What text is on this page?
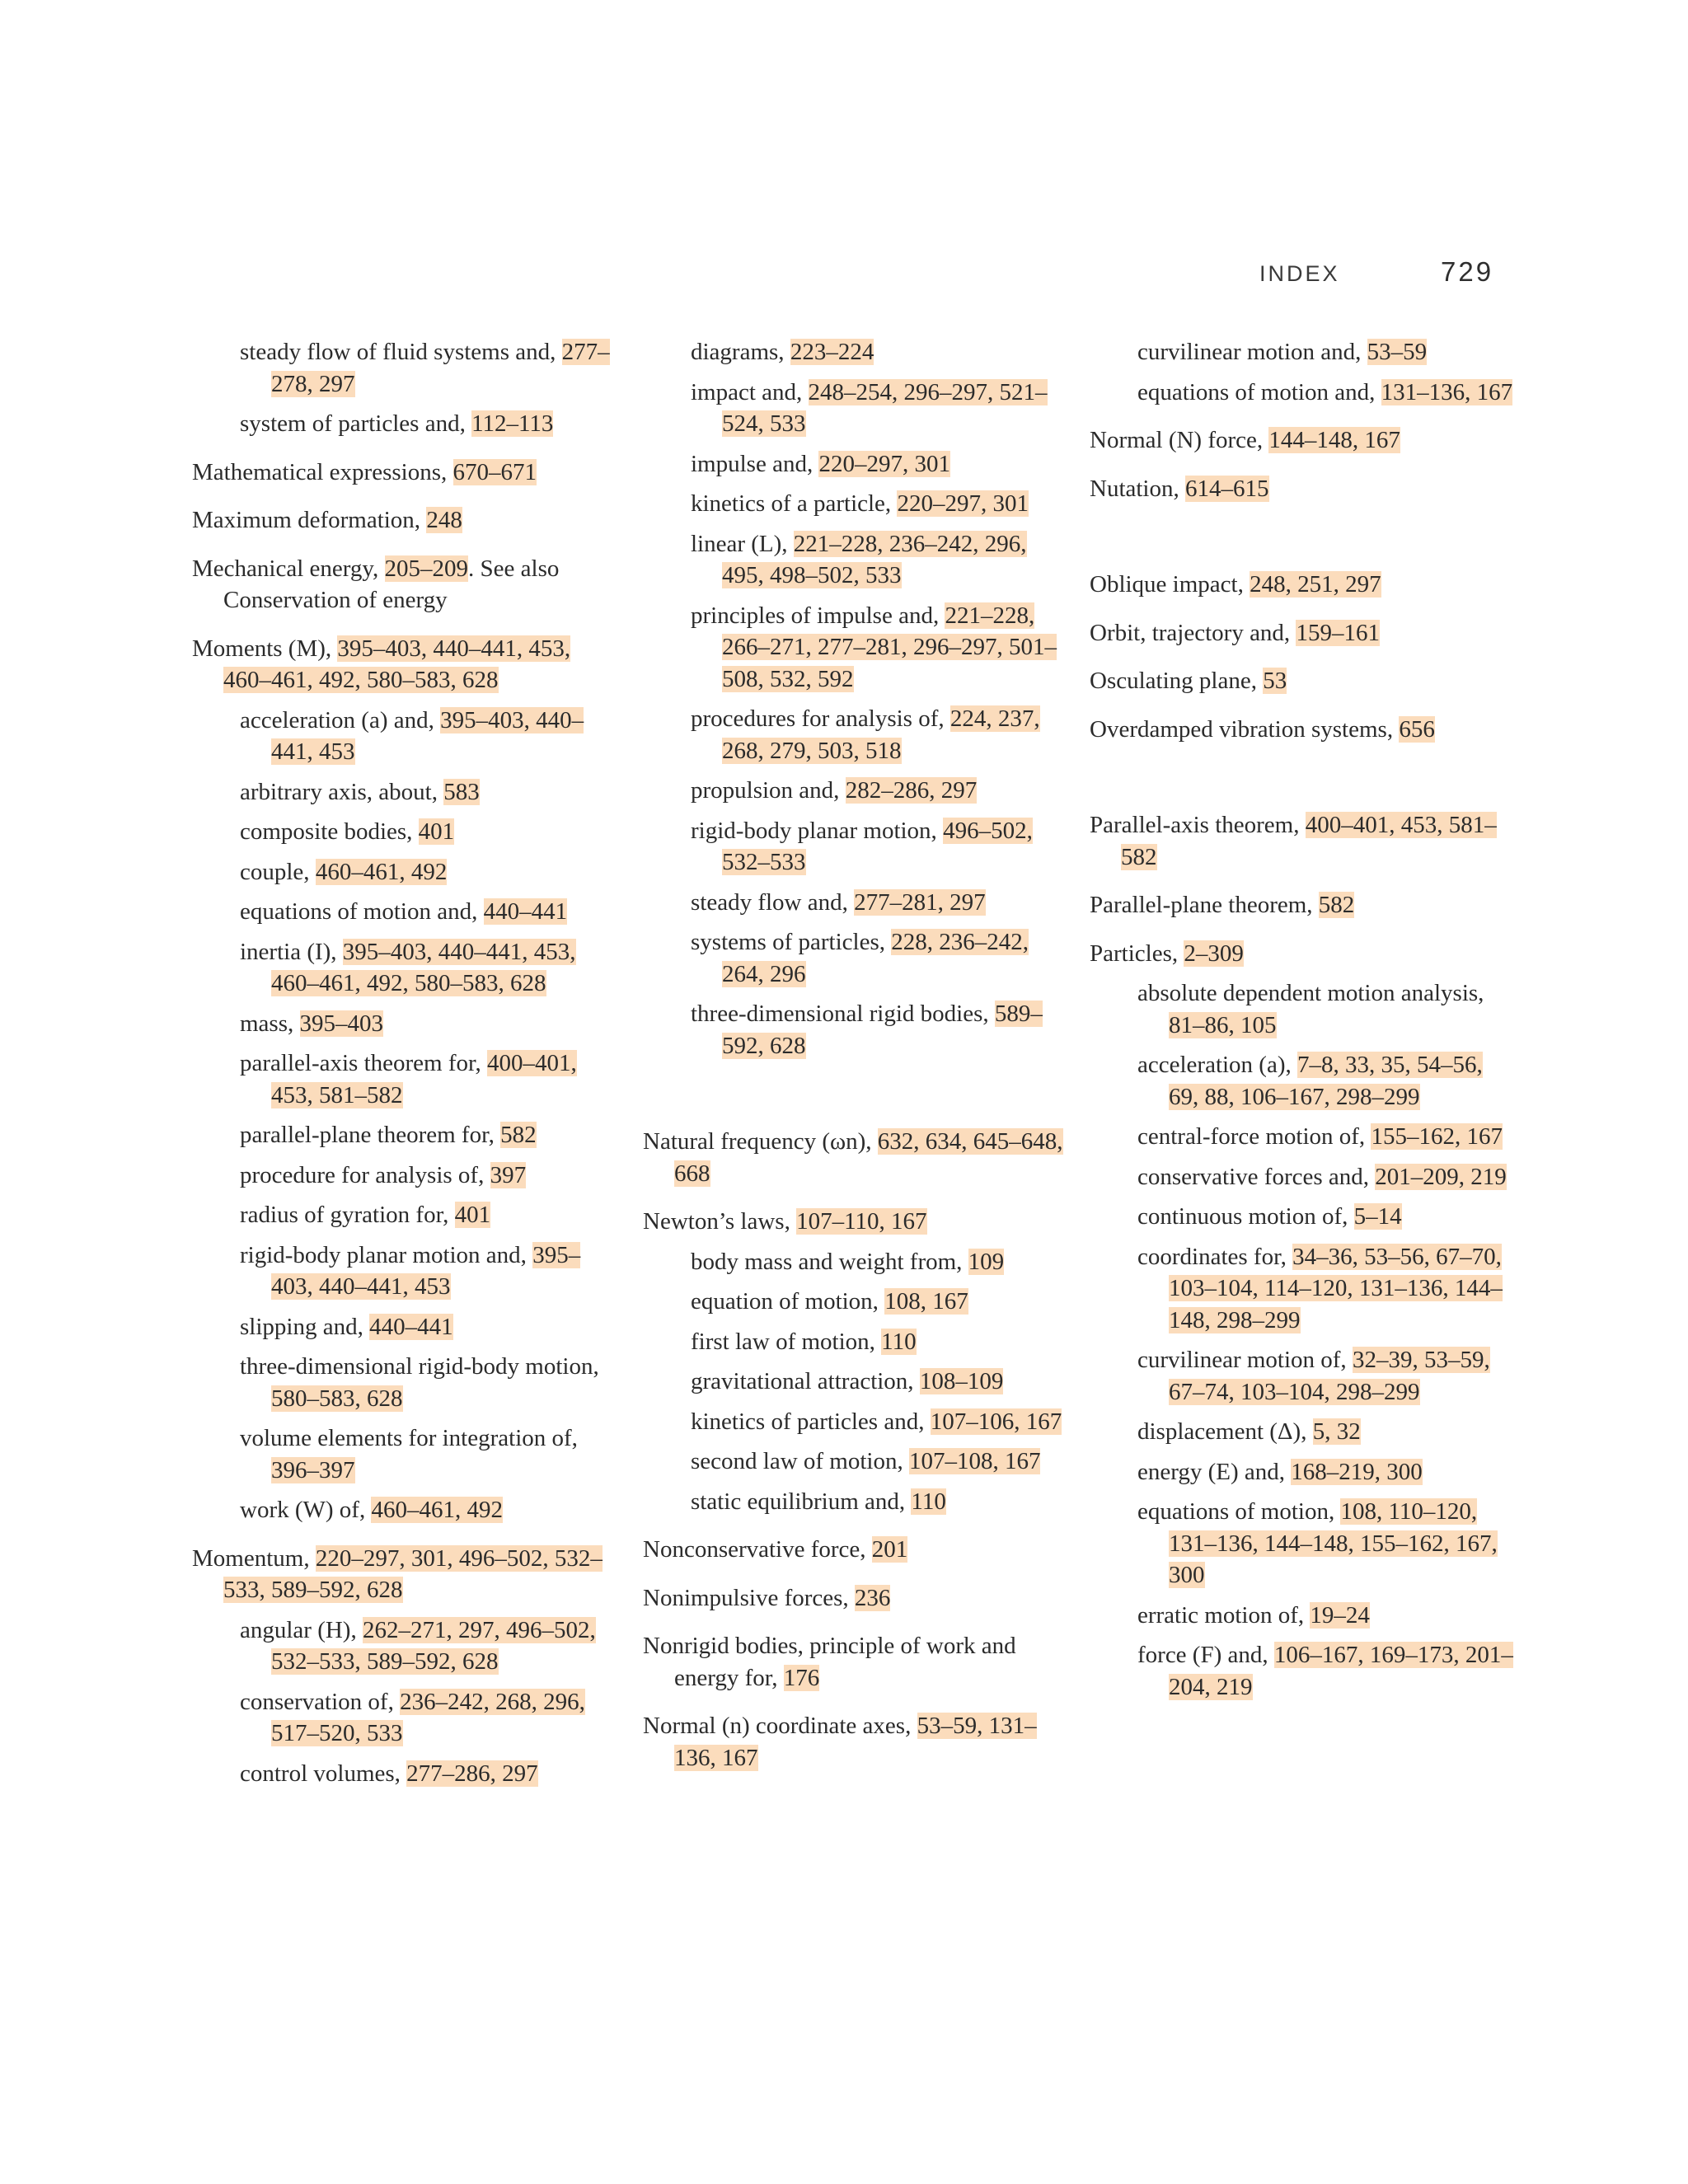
INDEX	729
steady flow of fluid systems and, 277–278, 297
system of particles and, 112–113
Mathematical expressions, 670–671
Maximum deformation, 248
Mechanical energy, 205–209. See also Conservation of energy
Moments (M), 395–403, 440–441, 453, 460–461, 492, 580–583, 628
acceleration (a) and, 395–403, 440–441, 453
arbitrary axis, about, 583
composite bodies, 401
couple, 460–461, 492
equations of motion and, 440–441
inertia (I), 395–403, 440–441, 453, 460–461, 492, 580–583, 628
mass, 395–403
parallel-axis theorem for, 400–401, 453, 581–582
parallel-plane theorem for, 582
procedure for analysis of, 397
radius of gyration for, 401
rigid-body planar motion and, 395–403, 440–441, 453
slipping and, 440–441
three-dimensional rigid-body motion, 580–583, 628
volume elements for integration of, 396–397
work (W) of, 460–461, 492
Momentum, 220–297, 301, 496–502, 532–533, 589–592, 628
angular (H), 262–271, 297, 496–502, 532–533, 589–592, 628
conservation of, 236–242, 268, 296, 517–520, 533
control volumes, 277–286, 297
diagrams, 223–224
impact and, 248–254, 296–297, 521–524, 533
impulse and, 220–297, 301
kinetics of a particle, 220–297, 301
linear (L), 221–228, 236–242, 296, 495, 498–502, 533
principles of impulse and, 221–228, 266–271, 277–281, 296–297, 501–508, 532, 592
procedures for analysis of, 224, 237, 268, 279, 503, 518
propulsion and, 282–286, 297
rigid-body planar motion, 496–502, 532–533
steady flow and, 277–281, 297
systems of particles, 228, 236–242, 264, 296
three-dimensional rigid bodies, 589–592, 628
Natural frequency (ωn), 632, 634, 645–648, 668
Newton’s laws, 107–110, 167
body mass and weight from, 109
equation of motion, 108, 167
first law of motion, 110
gravitational attraction, 108–109
kinetics of particles and, 107–106, 167
second law of motion, 107–108, 167
static equilibrium and, 110
Nonconservative force, 201
Nonimpulsive forces, 236
Nonrigid bodies, principle of work and energy for, 176
Normal (n) coordinate axes, 53–59, 131–136, 167
curvilinear motion and, 53–59
equations of motion and, 131–136, 167
Normal (N) force, 144–148, 167
Nutation, 614–615
Oblique impact, 248, 251, 297
Orbit, trajectory and, 159–161
Osculating plane, 53
Overdamped vibration systems, 656
Parallel-axis theorem, 400–401, 453, 581–582
Parallel-plane theorem, 582
Particles, 2–309
absolute dependent motion analysis, 81–86, 105
acceleration (a), 7–8, 33, 35, 54–56, 69, 88, 106–167, 298–299
central-force motion of, 155–162, 167
conservative forces and, 201–209, 219
continuous motion of, 5–14
coordinates for, 34–36, 53–56, 67–70, 103–104, 114–120, 131–136, 144–148, 298–299
curvilinear motion of, 32–39, 53–59, 67–74, 103–104, 298–299
displacement (Δ), 5, 32
energy (E) and, 168–219, 300
equations of motion, 108, 110–120, 131–136, 144–148, 155–162, 167, 300
erratic motion of, 19–24
force (F) and, 106–167, 169–173, 201–204, 219
